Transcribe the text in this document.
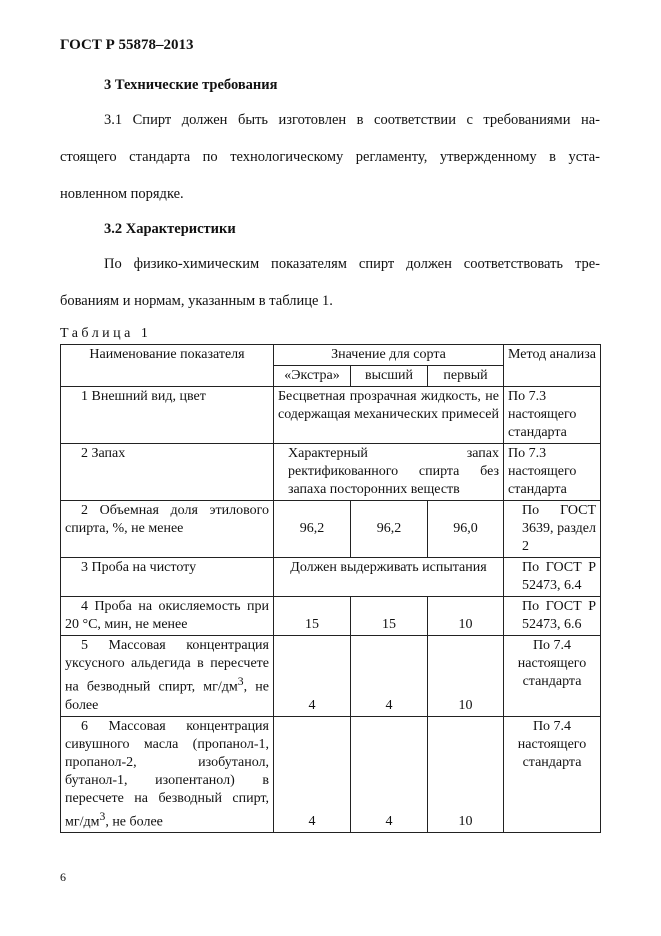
ГОСТ Р 55878–2013
3 Технические требования
3.1 Спирт должен быть изготовлен в соответствии с требованиями на-
стоящего стандарта по технологическому регламенту, утвержденному в уста-
новленном порядке.
3.2 Характеристики
По физико-химическим показателям спирт должен соответствовать тре-
бованиям и нормам, указанным в таблице 1.
Таблица 1
Наименование показателя	Значение для сорта			Метод анализа
	«Экстра»	высший	первый	
1 Внешний вид, цвет	Бесцветная прозрачная жидкость, не содержащая механических примесей			По 7.3 настоящего стандарта
2 Запах	Характерный запах ректификованного спирта без запаха посторонних веществ			По 7.3 настоящего стандарта
2 Объемная доля этилового спирта, %, не менее	96,2	96,2	96,0	По ГОСТ 3639, раздел 2
3 Проба на чистоту	Должен выдерживать испытания			По ГОСТ Р 52473, 6.4
4 Проба на окисляемость при 20 °С, мин, не менее	15	15	10	По ГОСТ Р 52473, 6.6
5 Массовая концентрация уксусного альдегида в пересчете на безводный спирт, $мг/дм^3$, не более	4	4	10	По 7.4 настоящего стандарта
6 Массовая концентрация сивушного масла (пропанол-1, пропанол-2, изобутанол, бутанол-1, изопентанол) в пересчете на безводный спирт, $мг/дм^3$, не более	4	4	10	По 7.4 настоящего стандарта
6
